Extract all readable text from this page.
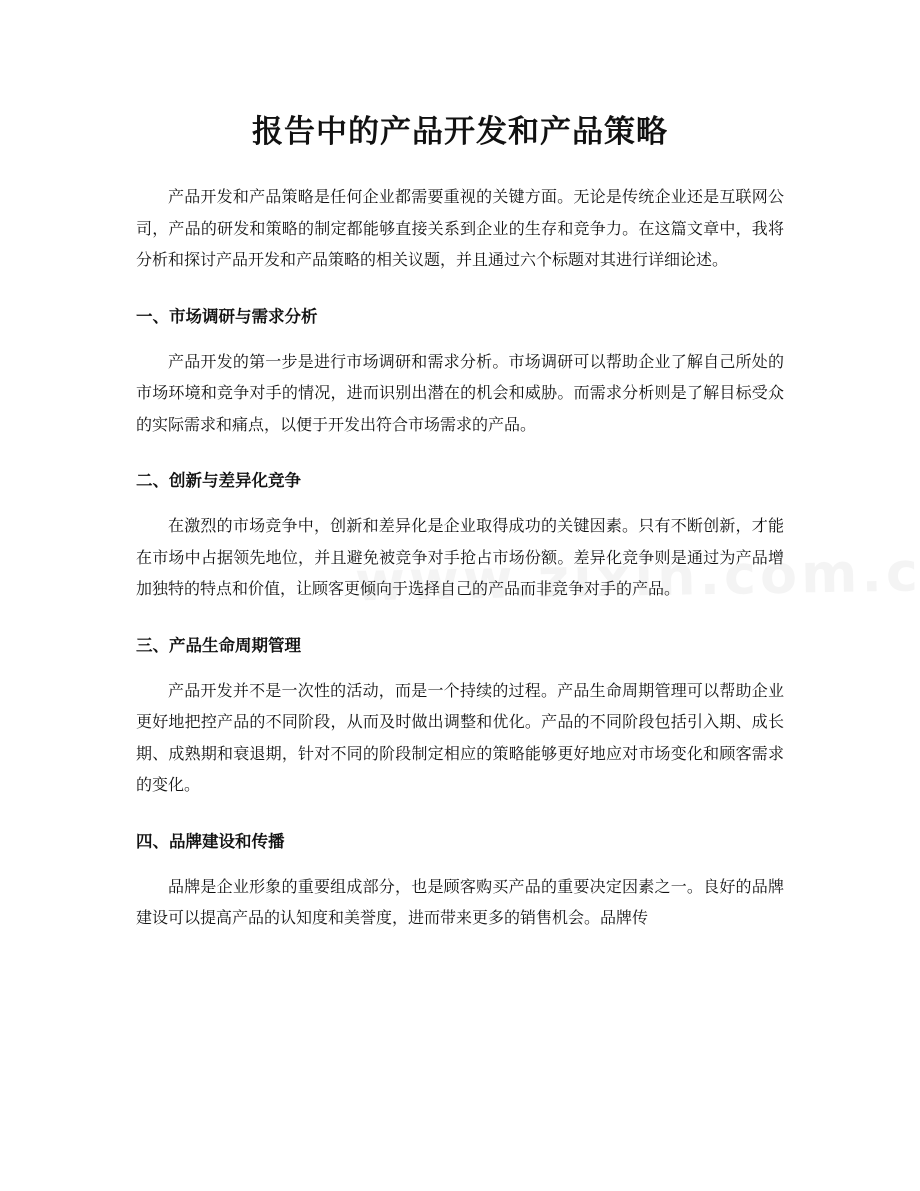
报告中的产品开发和产品策略

产品开发和产品策略是任何企业都需要重视的关键方面。无论是传统企业还是互联网公司，产品的研发和策略的制定都能够直接关系到企业的生存和竞争力。在这篇文章中，我将分析和探讨产品开发和产品策略的相关议题，并且通过六个标题对其进行详细论述。

一、市场调研与需求分析

产品开发的第一步是进行市场调研和需求分析。市场调研可以帮助企业了解自己所处的市场环境和竞争对手的情况，进而识别出潜在的机会和威胁。而需求分析则是了解目标受众的实际需求和痛点，以便于开发出符合市场需求的产品。

二、创新与差异化竞争

在激烈的市场竞争中，创新和差异化是企业取得成功的关键因素。只有不断创新，才能在市场中占据领先地位，并且避免被竞争对手抢占市场份额。差异化竞争则是通过为产品增加独特的特点和价值，让顾客更倾向于选择自己的产品而非竞争对手的产品。

三、产品生命周期管理

产品开发并不是一次性的活动，而是一个持续的过程。产品生命周期管理可以帮助企业更好地把控产品的不同阶段，从而及时做出调整和优化。产品的不同阶段包括引入期、成长期、成熟期和衰退期，针对不同的阶段制定相应的策略能够更好地应对市场变化和顾客需求的变化。

四、品牌建设和传播

品牌是企业形象的重要组成部分，也是顾客购买产品的重要决定因素之一。良好的品牌建设可以提高产品的认知度和美誉度，进而带来更多的销售机会。品牌传
